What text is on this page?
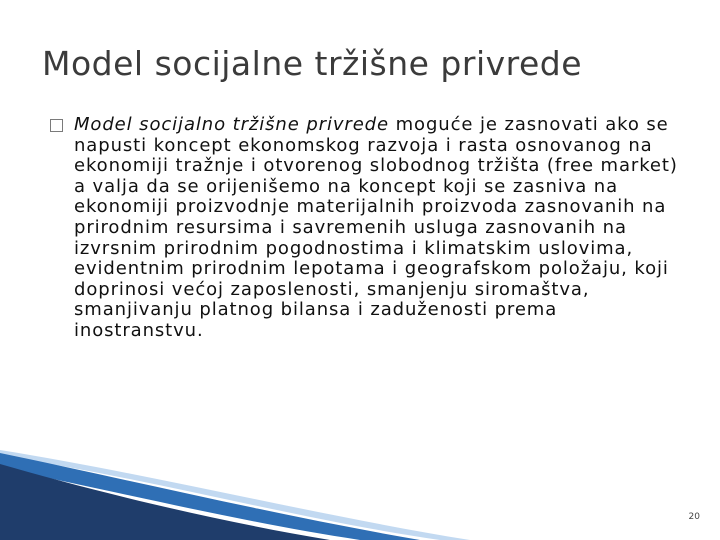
Model socijalne tržišne privrede

Model socijalno tržišne privrede moguće je zasnovati ako se napusti koncept ekonomskog razvoja i rasta osnovanog na ekonomiji tražnje i otvorenog slobodnog tržišta (free market) a valja da se orijenišemo na koncept koji se zasniva na ekonomiji proizvodnje materijalnih proizvoda zasnovanih na prirodnim resursima i savremenih usluga zasnovanih na izvrsnim prirodnim pogodnostima i klimatskim uslovima, evidentnim prirodnim lepotama i geografskom položaju, koji doprinosi većoj zaposlenosti, smanjenju siromaštva, smanjivanju platnog bilansa i zaduženosti prema inostranstvu.

20
